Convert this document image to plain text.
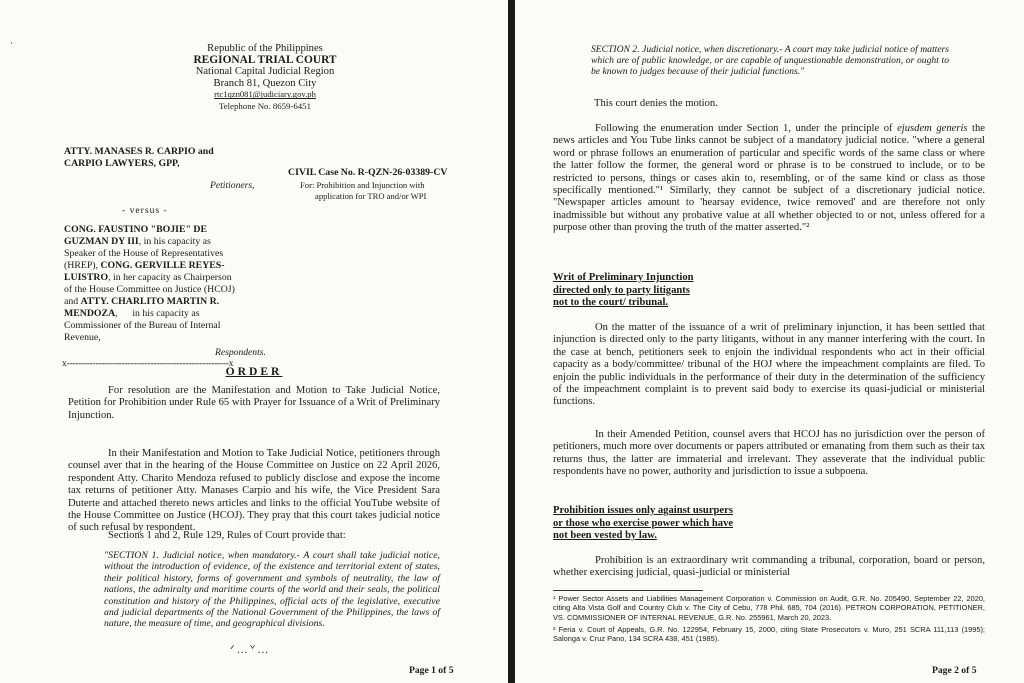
·	Republic of the Philippines
REGIONAL TRIAL COURT
National Capital Judicial Region
Branch 81, Quezon City
rtc1qzn081@judiciary.gov.ph
Telephone No. 8659-6451
ATTY. MANASES R. CARPIO and
CARPIO LAWYERS, GPP,
Petitioners,
- versus -
CONG. FAUSTINO "BOJIE" DE
GUZMAN DY III, in his capacity as
Speaker of the House of Representatives
(HREP), CONG. GERVILLE REYES-
LUISTRO, in her capacity as Chairperson
of the House Committee on Justice (HCOJ)
and ATTY. CHARLITO MARTIN R.
MENDOZA,      in his capacity as
Commissioner of the Bureau of Internal
Revenue,
Respondents.
x--------------------------------------------------------x
CIVIL Case No. R-QZN-26-03389-CV
For: Prohibition and Injunction with
application for TRO and/or WPI
ORDER
For resolution are the Manifestation and Motion to Take Judicial Notice, Petition for Prohibition under Rule 65 with Prayer for Issuance of a Writ of Preliminary Injunction.
In their Manifestation and Motion to Take Judicial Notice, petitioners through counsel aver that in the hearing of the House Committee on Justice on 22 April 2026, respondent Atty. Charito Mendoza refused to publicly disclose and expose the income tax returns of petitioner Atty. Manases Carpio and his wife, the Vice President Sara Duterte and attached thereto news articles and links to the official YouTube website of the House Committee on Justice (HCOJ). They pray that this court takes judicial notice of such refusal by respondent.
Sections 1 and 2, Rule 129, Rules of Court provide that:
"SECTION 1. Judicial notice, when mandatory.- A court shall take judicial notice, without the introduction of evidence, of the existence and territorial extent of states, their political history, forms of government and symbols of neutrality, the law of nations, the admiralty and maritime courts of the world and their seals, the political constitution and history of the Philippines, official acts of the legislative, executive and judicial departments of the National Government of the Philippines, the laws of nature, the measure of time, and geographical divisions.
ᐟ…ᘁ…
Page 1 of 5
SECTION 2. Judicial notice, when discretionary.- A court may take judicial notice of matters which are of public knowledge, or are capable of unquestionable demonstration, or ought to be known to judges because of their judicial functions."
This court denies the motion.
Following the enumeration under Section 1, under the principle of ejusdem generis the news articles and You Tube links cannot be subject of a mandatory judicial notice. "where a general word or phrase follows an enumeration of particular and specific words of the same class or where the latter follow the former, the general word or phrase is to be construed to include, or to be restricted to persons, things or cases akin to, resembling, or of the same kind or class as those specifically mentioned."¹ Similarly, they cannot be subject of a discretionary judicial notice. "Newspaper articles amount to 'hearsay evidence, twice removed' and are therefore not only inadmissible but without any probative value at all whether objected to or not, unless offered for a purpose other than proving the truth of the matter asserted."²
Writ of Preliminary Injunction
directed only to party litigants
not to the court/ tribunal.
On the matter of the issuance of a writ of preliminary injunction, it has been settled that injunction is directed only to the party litigants, without in any manner interfering with the court. In the case at bench, petitioners seek to enjoin the individual respondents who act in their official capacity as a body/committee/ tribunal of the HOJ where the impeachment complaints are filed. To enjoin the public individuals in the performance of their duty in the determination of the sufficiency of the impeachment complaint is to prevent said body to exercise its quasi-judicial or ministerial functions.
In their Amended Petition, counsel avers that HCOJ has no jurisdiction over the person of petitioners, much more over documents or papers attributed or emanating from them such as their tax returns thus, the latter are immaterial and irrelevant. They asseverate that the individual public respondents have no power, authority and jurisdiction to issue a subpoena.
Prohibition issues only against usurpers
or those who exercise power which have
not been vested by law.
Prohibition is an extraordinary writ commanding a tribunal, corporation, board or person, whether exercising judicial, quasi-judicial or ministerial
¹ Power Sector Assets and Liabilities Management Corporation v. Commission on Audit, G.R. No. 205490, September 22, 2020, citing Alta Vista Golf and Country Club v. The City of Cebu, 778 Phil. 685, 704 (2016). PETRON CORPORATION, PETITIONER, VS. COMMISSIONER OF INTERNAL REVENUE, G.R. No. 255961, March 20, 2023.
² Feria v. Court of Appeals, G.R. No. 122954, February 15, 2000, citing State Prosecutors v. Muro, 251 SCRA 111,113 (1995); Salonga v. Cruz Pano, 134 SCRA 438, 451 (1985).
Page 2 of 5
